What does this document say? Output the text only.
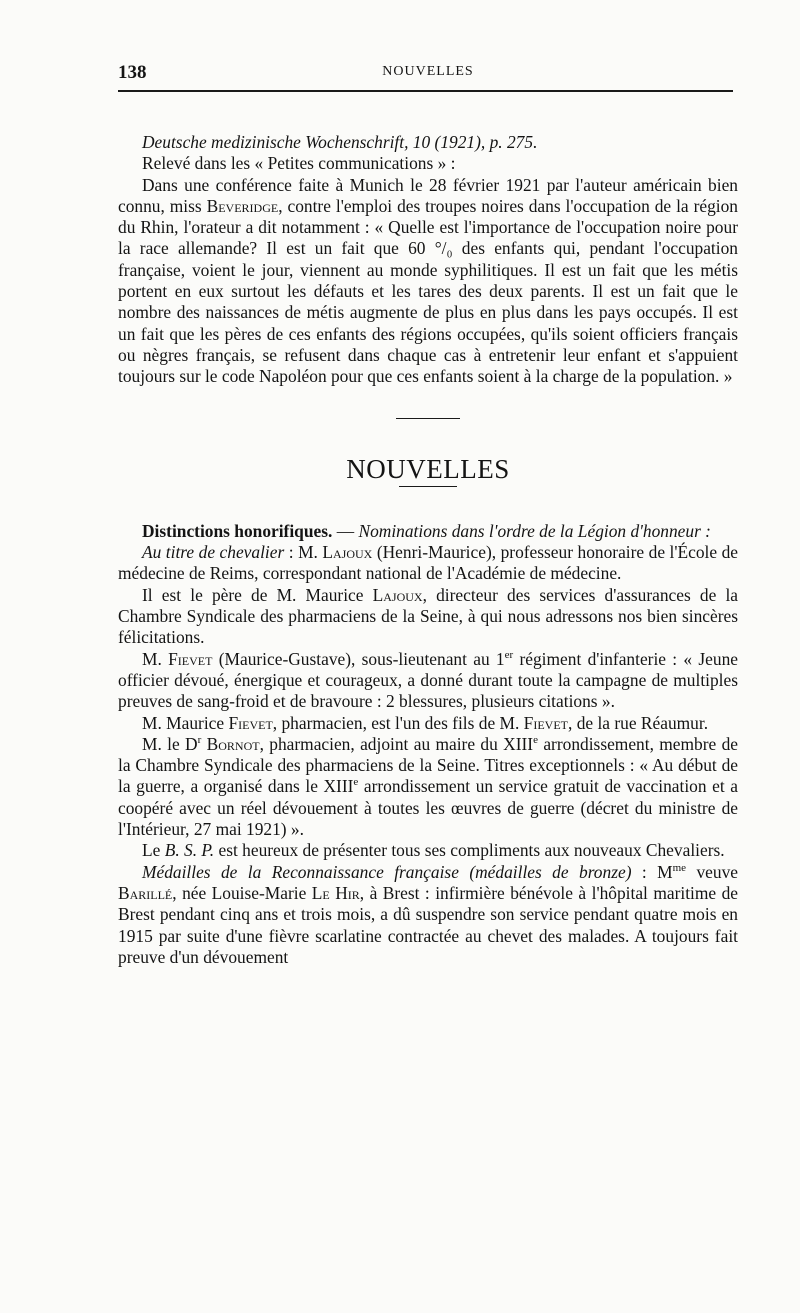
138	NOUVELLES

Deutsche medizinische Wochenschrift, 10 (1921), p. 275.

Relevé dans les « Petites communications » :

Dans une conférence faite à Munich le 28 février 1921 par l'auteur américain bien connu, miss Beveridge, contre l'emploi des troupes noires dans l'occupation de la région du Rhin, l'orateur a dit notamment : « Quelle est l'importance de l'occupation noire pour la race allemande? Il est un fait que 60 °/₀ des enfants qui, pendant l'occupation française, voient le jour, viennent au monde syphilitiques. Il est un fait que les métis portent en eux surtout les défauts et les tares des deux parents. Il est un fait que le nombre des naissances de métis augmente de plus en plus dans les pays occupés. Il est un fait que les pères de ces enfants des régions occupées, qu'ils soient officiers français ou nègres français, se refusent dans chaque cas à entretenir leur enfant et s'appuient toujours sur le code Napoléon pour que ces enfants soient à la charge de la population. »

NOUVELLES

Distinctions honorifiques. — Nominations dans l'ordre de la Légion d'honneur :

Au titre de chevalier : M. Lajoux (Henri-Maurice), professeur honoraire de l'École de médecine de Reims, correspondant national de l'Académie de médecine.

Il est le père de M. Maurice Lajoux, directeur des services d'assurances de la Chambre Syndicale des pharmaciens de la Seine, à qui nous adressons nos bien sincères félicitations.

M. Fievet (Maurice-Gustave), sous-lieutenant au 1er régiment d'infanterie : « Jeune officier dévoué, énergique et courageux, a donné durant toute la campagne de multiples preuves de sang-froid et de bravoure : 2 blessures, plusieurs citations ».

M. Maurice Fievet, pharmacien, est l'un des fils de M. Fievet, de la rue Réaumur.

M. le $D^r$ Bornot, pharmacien, adjoint au maire du XIIIe arrondissement, membre de la Chambre Syndicale des pharmaciens de la Seine. Titres exceptionnels : « Au début de la guerre, a organisé dans le XIIIe arrondissement un service gratuit de vaccination et a coopéré avec un réel dévouement à toutes les œuvres de guerre (décret du ministre de l'Intérieur, 27 mai 1921) ».

Le B. S. P. est heureux de présenter tous ses compliments aux nouveaux Chevaliers.

Médailles de la Reconnaissance française (médailles de bronze) : $M^{me}$ veuve Barillé, née Louise-Marie Le Hir, à Brest : infirmière bénévole à l'hôpital maritime de Brest pendant cinq ans et trois mois, a dû suspendre son service pendant quatre mois en 1915 par suite d'une fièvre scarlatine contractée au chevet des malades. A toujours fait preuve d'un dévouement
